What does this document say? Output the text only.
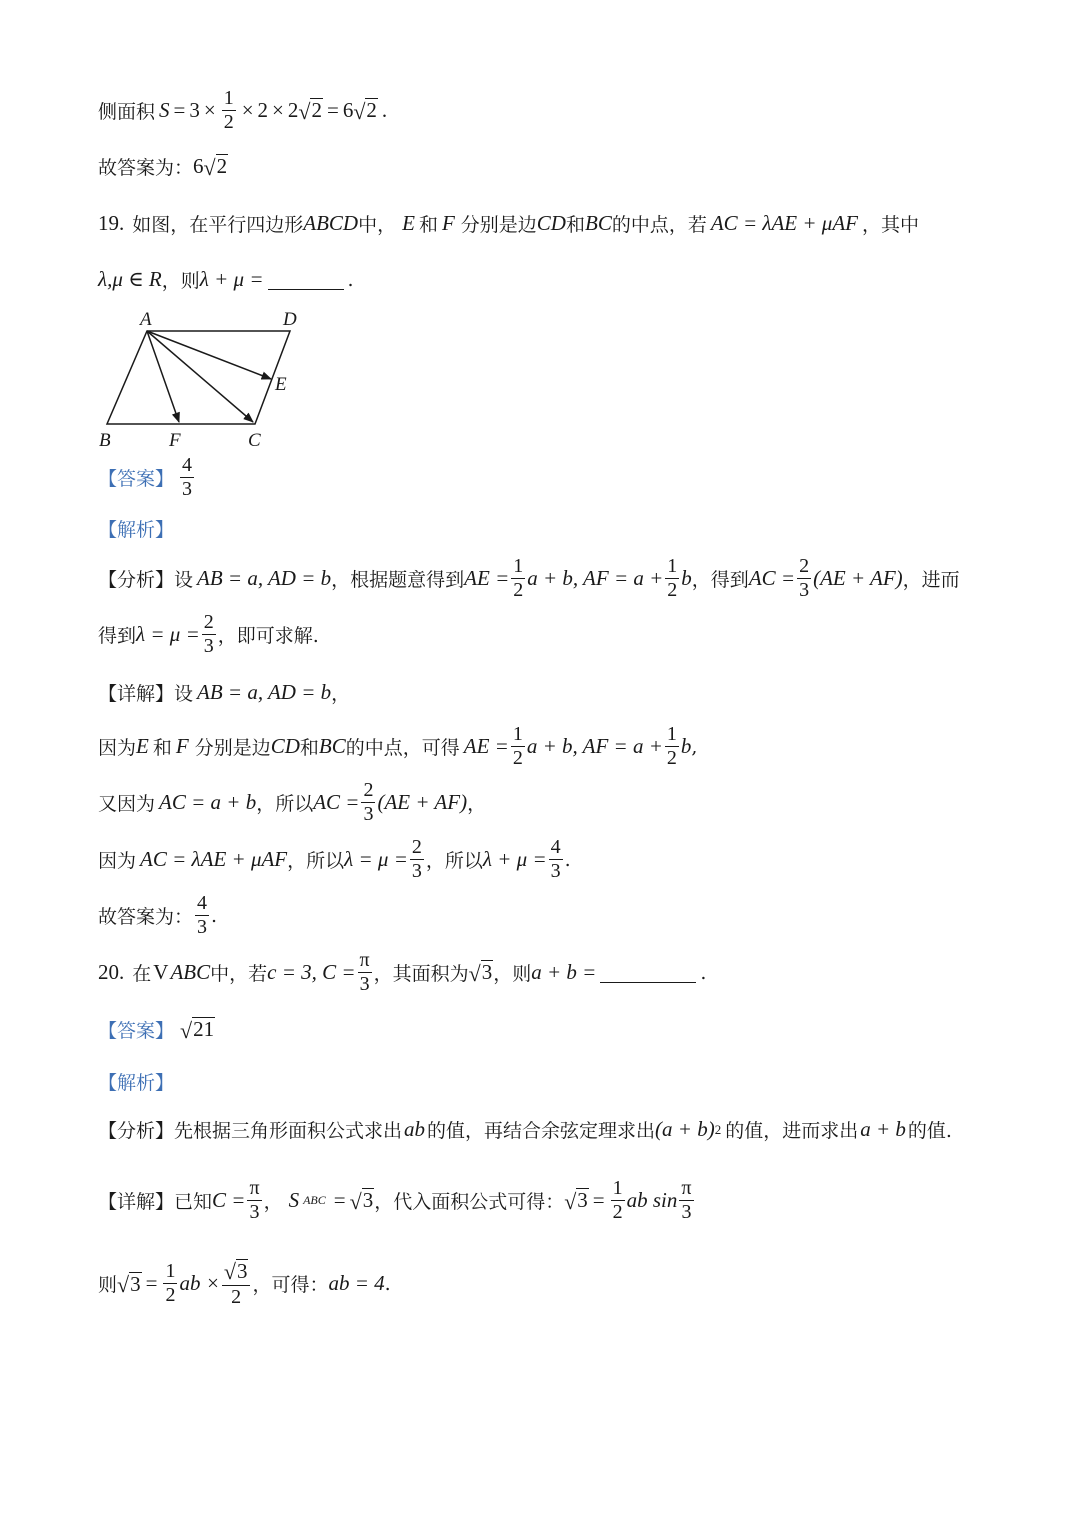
侧面积 $S = 3 \times \frac{1}{2} \times 2 \times 2$ √ 2 = 6 √ 2 .
故答案为： 6 √ 2
19. 如图，在平行四边形 ABCD 中， E 和 F 分别是边 CD 和 BC 的中点，若 AC = λAE + μAF ，其中
λ,μ ∈ R ，则 λ + μ =	.
A	D
E
B	F	C
【答案】 $\frac{4}{3}$
【解析】
【分析】 设 AB = a, AD = b ，根据题意得到 AE = $\frac{1}{2}$ a + b, AF = $a + \frac{1}{2}$ b ，得到 AC = $\frac{2}{3} (AE + AF)$ ，进而
得到 $\lambda = \mu = \frac{2}{3}$ ，即可求解.
【详解】 设 AB = a, AD = b ，
因为 E 和 F 分别是边 CD 和 BC 的中点，可得 AE = $\frac{1}{2}$ a + b, AF = $a + \frac{1}{2}$ b ,
又因为 AC = a + b ，所以 AC = $\frac{2}{3} (AE + AF)$ ，
因为 AC = λAE + μAF ，所以 $\lambda = \mu = \frac{2}{3}$ ，所以 $\lambda + \mu = \frac{4}{3}$ .
故答案为： $\frac{4}{3}$ .
20. 在 V ABC 中，若 c = 3, $C = \frac{\pi}{3}$ ，其面积为 √ 3 ，则 a + b =	.
【答案】 √ 21
【解析】
【分析】 先根据三角形面积公式求出 ab 的值，再结合余弦定理求出 (a + b) 2 的值，进而求出 a + b 的值.
【详解】 已知 $C = \frac{\pi}{3}$ ， S ABC = √ 3 ，代入面积公式可得： √ $3 = \frac{1}{2}$ ab $\sin \frac{\pi}{3}$
则 √ $3 = \frac{1}{2}$ ab × $\frac{√ 3}{2}$ ，可得： ab = 4 .
